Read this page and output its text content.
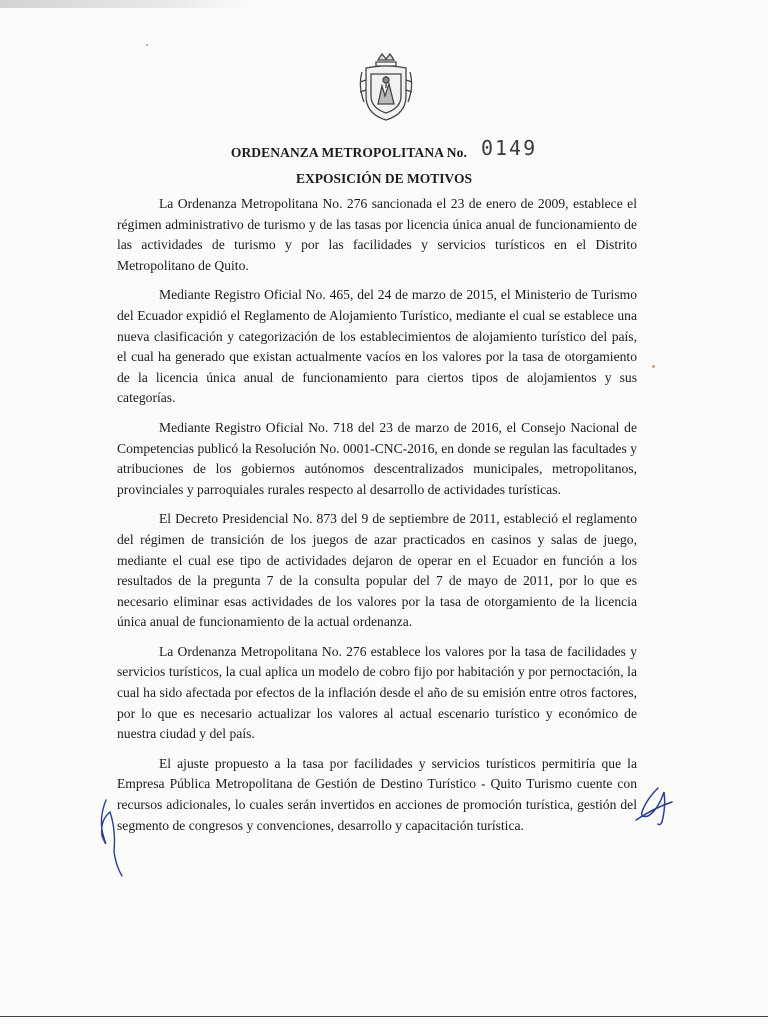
ORDENANZA METROPOLITANA No. 0149
EXPOSICIÓN DE MOTIVOS

La Ordenanza Metropolitana No. 276 sancionada el 23 de enero de 2009, establece el régimen administrativo de turismo y de las tasas por licencia única anual de funcionamiento de las actividades de turismo y por las facilidades y servicios turísticos en el Distrito Metropolitano de Quito.

Mediante Registro Oficial No. 465, del 24 de marzo de 2015, el Ministerio de Turismo del Ecuador expidió el Reglamento de Alojamiento Turístico, mediante el cual se establece una nueva clasificación y categorización de los establecimientos de alojamiento turístico del país, el cual ha generado que existan actualmente vacíos en los valores por la tasa de otorgamiento de la licencia única anual de funcionamiento para ciertos tipos de alojamientos y sus categorías.

Mediante Registro Oficial No. 718 del 23 de marzo de 2016, el Consejo Nacional de Competencias publicó la Resolución No. 0001-CNC-2016, en donde se regulan las facultades y atribuciones de los gobiernos autónomos descentralizados municipales, metropolitanos, provinciales y parroquiales rurales respecto al desarrollo de actividades turísticas.

El Decreto Presidencial No. 873 del 9 de septiembre de 2011, estableció el reglamento del régimen de transición de los juegos de azar practicados en casinos y salas de juego, mediante el cual ese tipo de actividades dejaron de operar en el Ecuador en función a los resultados de la pregunta 7 de la consulta popular del 7 de mayo de 2011, por lo que es necesario eliminar esas actividades de los valores por la tasa de otorgamiento de la licencia única anual de funcionamiento de la actual ordenanza.

La Ordenanza Metropolitana No. 276 establece los valores por la tasa de facilidades y servicios turísticos, la cual aplica un modelo de cobro fijo por habitación y por pernoctación, la cual ha sido afectada por efectos de la inflación desde el año de su emisión entre otros factores, por lo que es necesario actualizar los valores al actual escenario turístico y económico de nuestra ciudad y del país.

El ajuste propuesto a la tasa por facilidades y servicios turísticos permitiría que la Empresa Pública Metropolitana de Gestión de Destino Turístico - Quito Turismo cuente con recursos adicionales, lo cuales serán invertidos en acciones de promoción turística, gestión del segmento de congresos y convenciones, desarrollo y capacitación turística.
